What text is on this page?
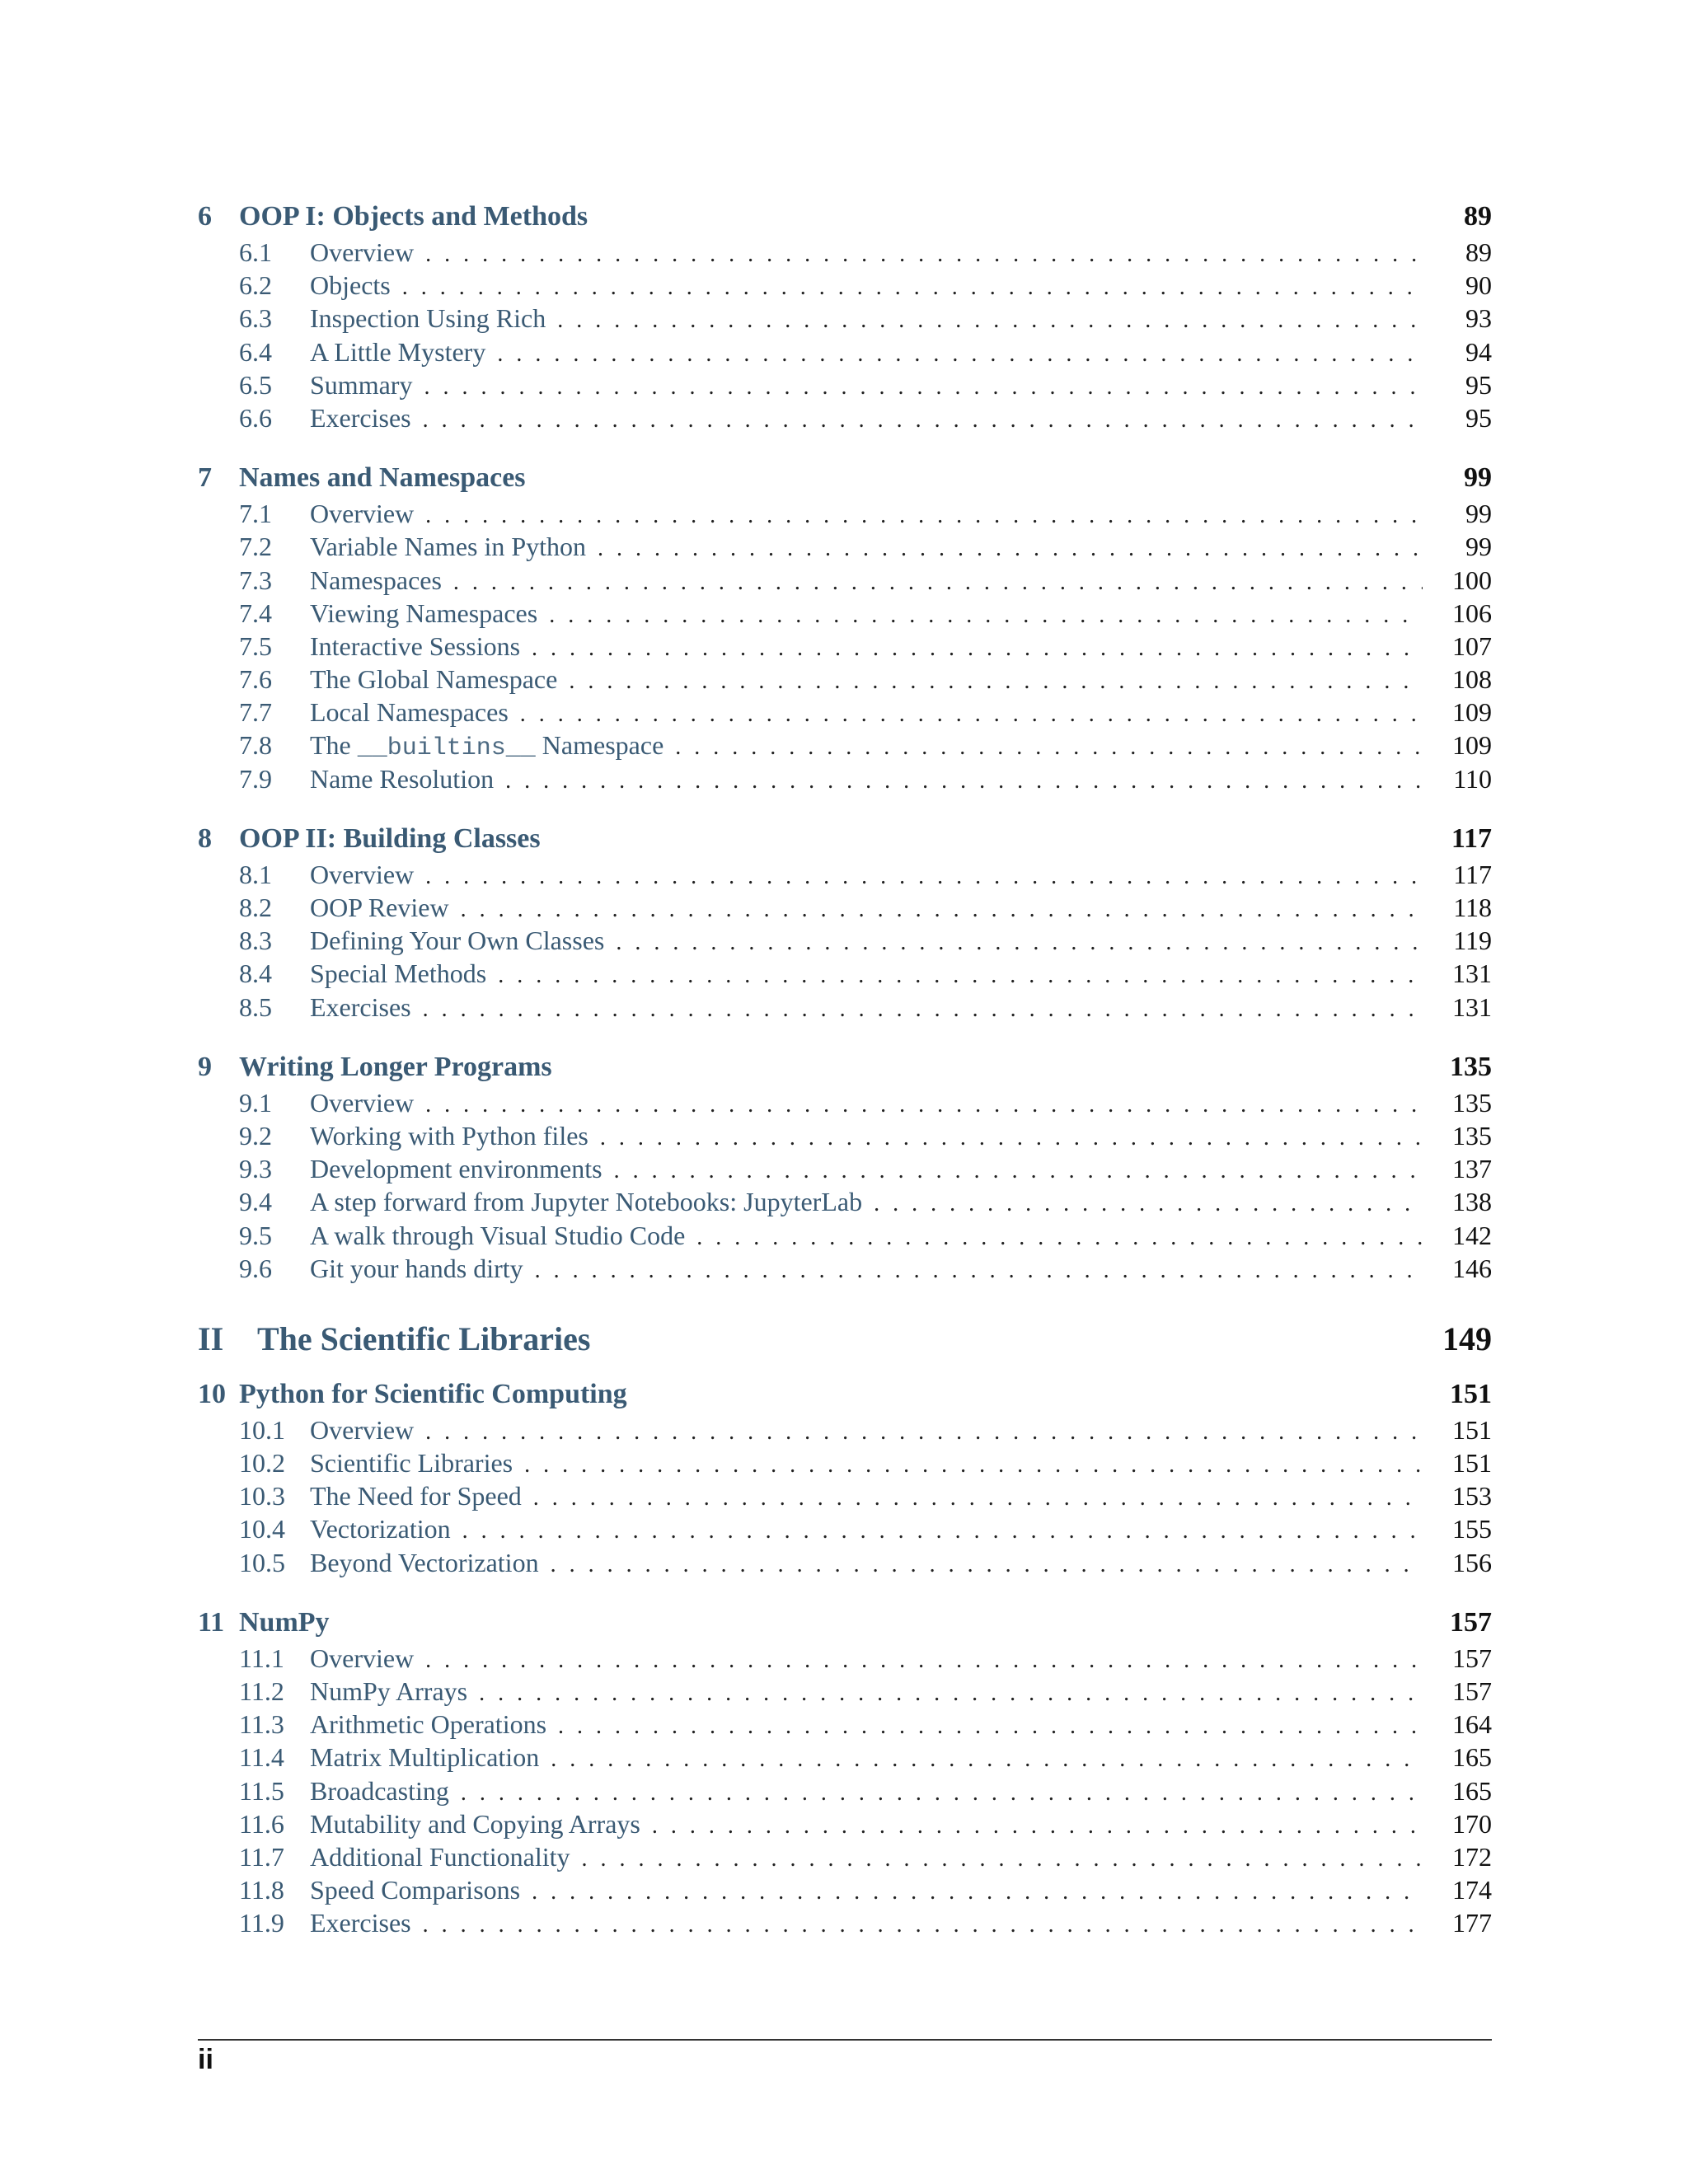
6 OOP I: Objects and Methods	89
6.1	Overview . . .	89
6.2	Objects . . .	90
6.3	Inspection Using Rich . . .	93
6.4	A Little Mystery . . .	94
6.5	Summary . . .	95
6.6	Exercises . . .	95
7 Names and Namespaces	99
7.1	Overview . . .	99
7.2	Variable Names in Python . . .	99
7.3	Namespaces . . .	100
7.4	Viewing Namespaces . . .	106
7.5	Interactive Sessions . . .	107
7.6	The Global Namespace . . .	108
7.7	Local Namespaces . . .	109
7.8	The __builtins__ Namespace . . .	109
7.9	Name Resolution . . .	110
8 OOP II: Building Classes	117
8.1	Overview . . .	117
8.2	OOP Review . . .	118
8.3	Defining Your Own Classes . . .	119
8.4	Special Methods . . .	131
8.5	Exercises . . .	131
9 Writing Longer Programs	135
9.1	Overview . . .	135
9.2	Working with Python files . . .	135
9.3	Development environments . . .	137
9.4	A step forward from Jupyter Notebooks: JupyterLab . . .	138
9.5	A walk through Visual Studio Code . . .	142
9.6	Git your hands dirty . . .	146
II	The Scientific Libraries	149
10 Python for Scientific Computing	151
10.1 Overview . . .	151
10.2 Scientific Libraries . . .	151
10.3 The Need for Speed . . .	153
10.4 Vectorization . . .	155
10.5 Beyond Vectorization . . .	156
11 NumPy	157
11.1 Overview . . .	157
11.2 NumPy Arrays . . .	157
11.3 Arithmetic Operations . . .	164
11.4 Matrix Multiplication . . .	165
11.5 Broadcasting . . .	165
11.6 Mutability and Copying Arrays . . .	170
11.7 Additional Functionality . . .	172
11.8 Speed Comparisons . . .	174
11.9 Exercises . . .	177
ii
